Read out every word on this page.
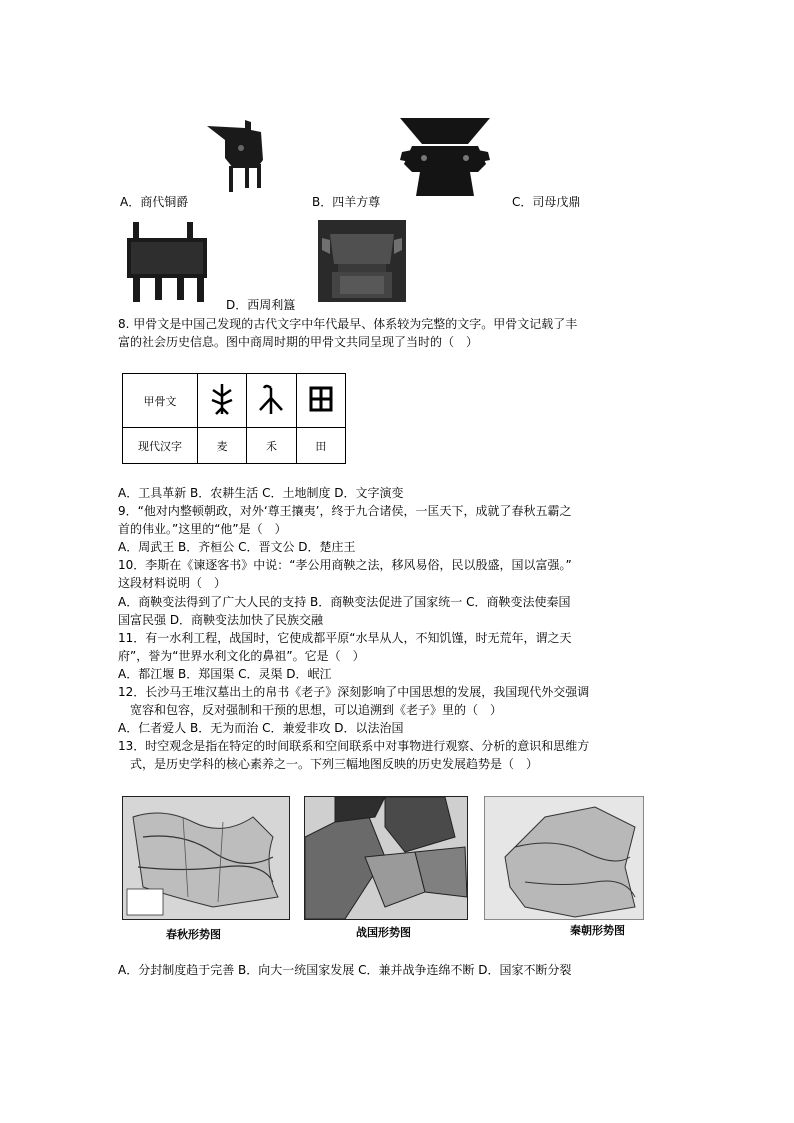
A．商代铜爵	B．四羊方尊	C．司母戊鼎
D．西周利簋
8. 甲骨文是中国己发现的古代文字中年代最早、体系较为完整的文字。甲骨文记载了丰
富的社会历史信息。图中商周时期的甲骨文共同呈现了当时的（　）
甲骨文			
现代汉字	麦	禾	田
A．工具革新 B．农耕生活 C．土地制度 D．文字演变
9．“他对内整顿朝政，对外‘尊王攘夷’，终于九合诸侯，一匡天下，成就了春秋五霸之
首的伟业。”这里的“他”是（　）
A．周武王 B．齐桓公 C．晋文公 D．楚庄王
10．李斯在《谏逐客书》中说：“孝公用商鞅之法，移风易俗，民以殷盛，国以富强。”
这段材料说明（　）
A．商鞅变法得到了广大人民的支持 B．商鞅变法促进了国家统一 C．商鞅变法使秦国
国富民强 D．商鞅变法加快了民族交融
11．有一水利工程，战国时，它使成都平原“水旱从人，不知饥馑，时无荒年，谓之天
府”，誉为“世界水利文化的鼻祖”。它是（　）
A．都江堰 B．郑国渠 C．灵渠 D．岷江
12．长沙马王堆汉墓出土的帛书《老子》深刻影响了中国思想的发展，我国现代外交强调
宽容和包容，反对强制和干预的思想，可以追溯到《老子》里的（　）
A．仁者爱人 B．无为而治 C．兼爱非攻 D．以法治国
13．时空观念是指在特定的时间联系和空间联系中对事物进行观察、分析的意识和思维方
式，是历史学科的核心素养之一。下列三幅地图反映的历史发展趋势是（　）
春秋形势图	战国形势图	秦朝形势图
A．分封制度趋于完善 B．向大一统国家发展 C．兼并战争连绵不断 D．国家不断分裂
